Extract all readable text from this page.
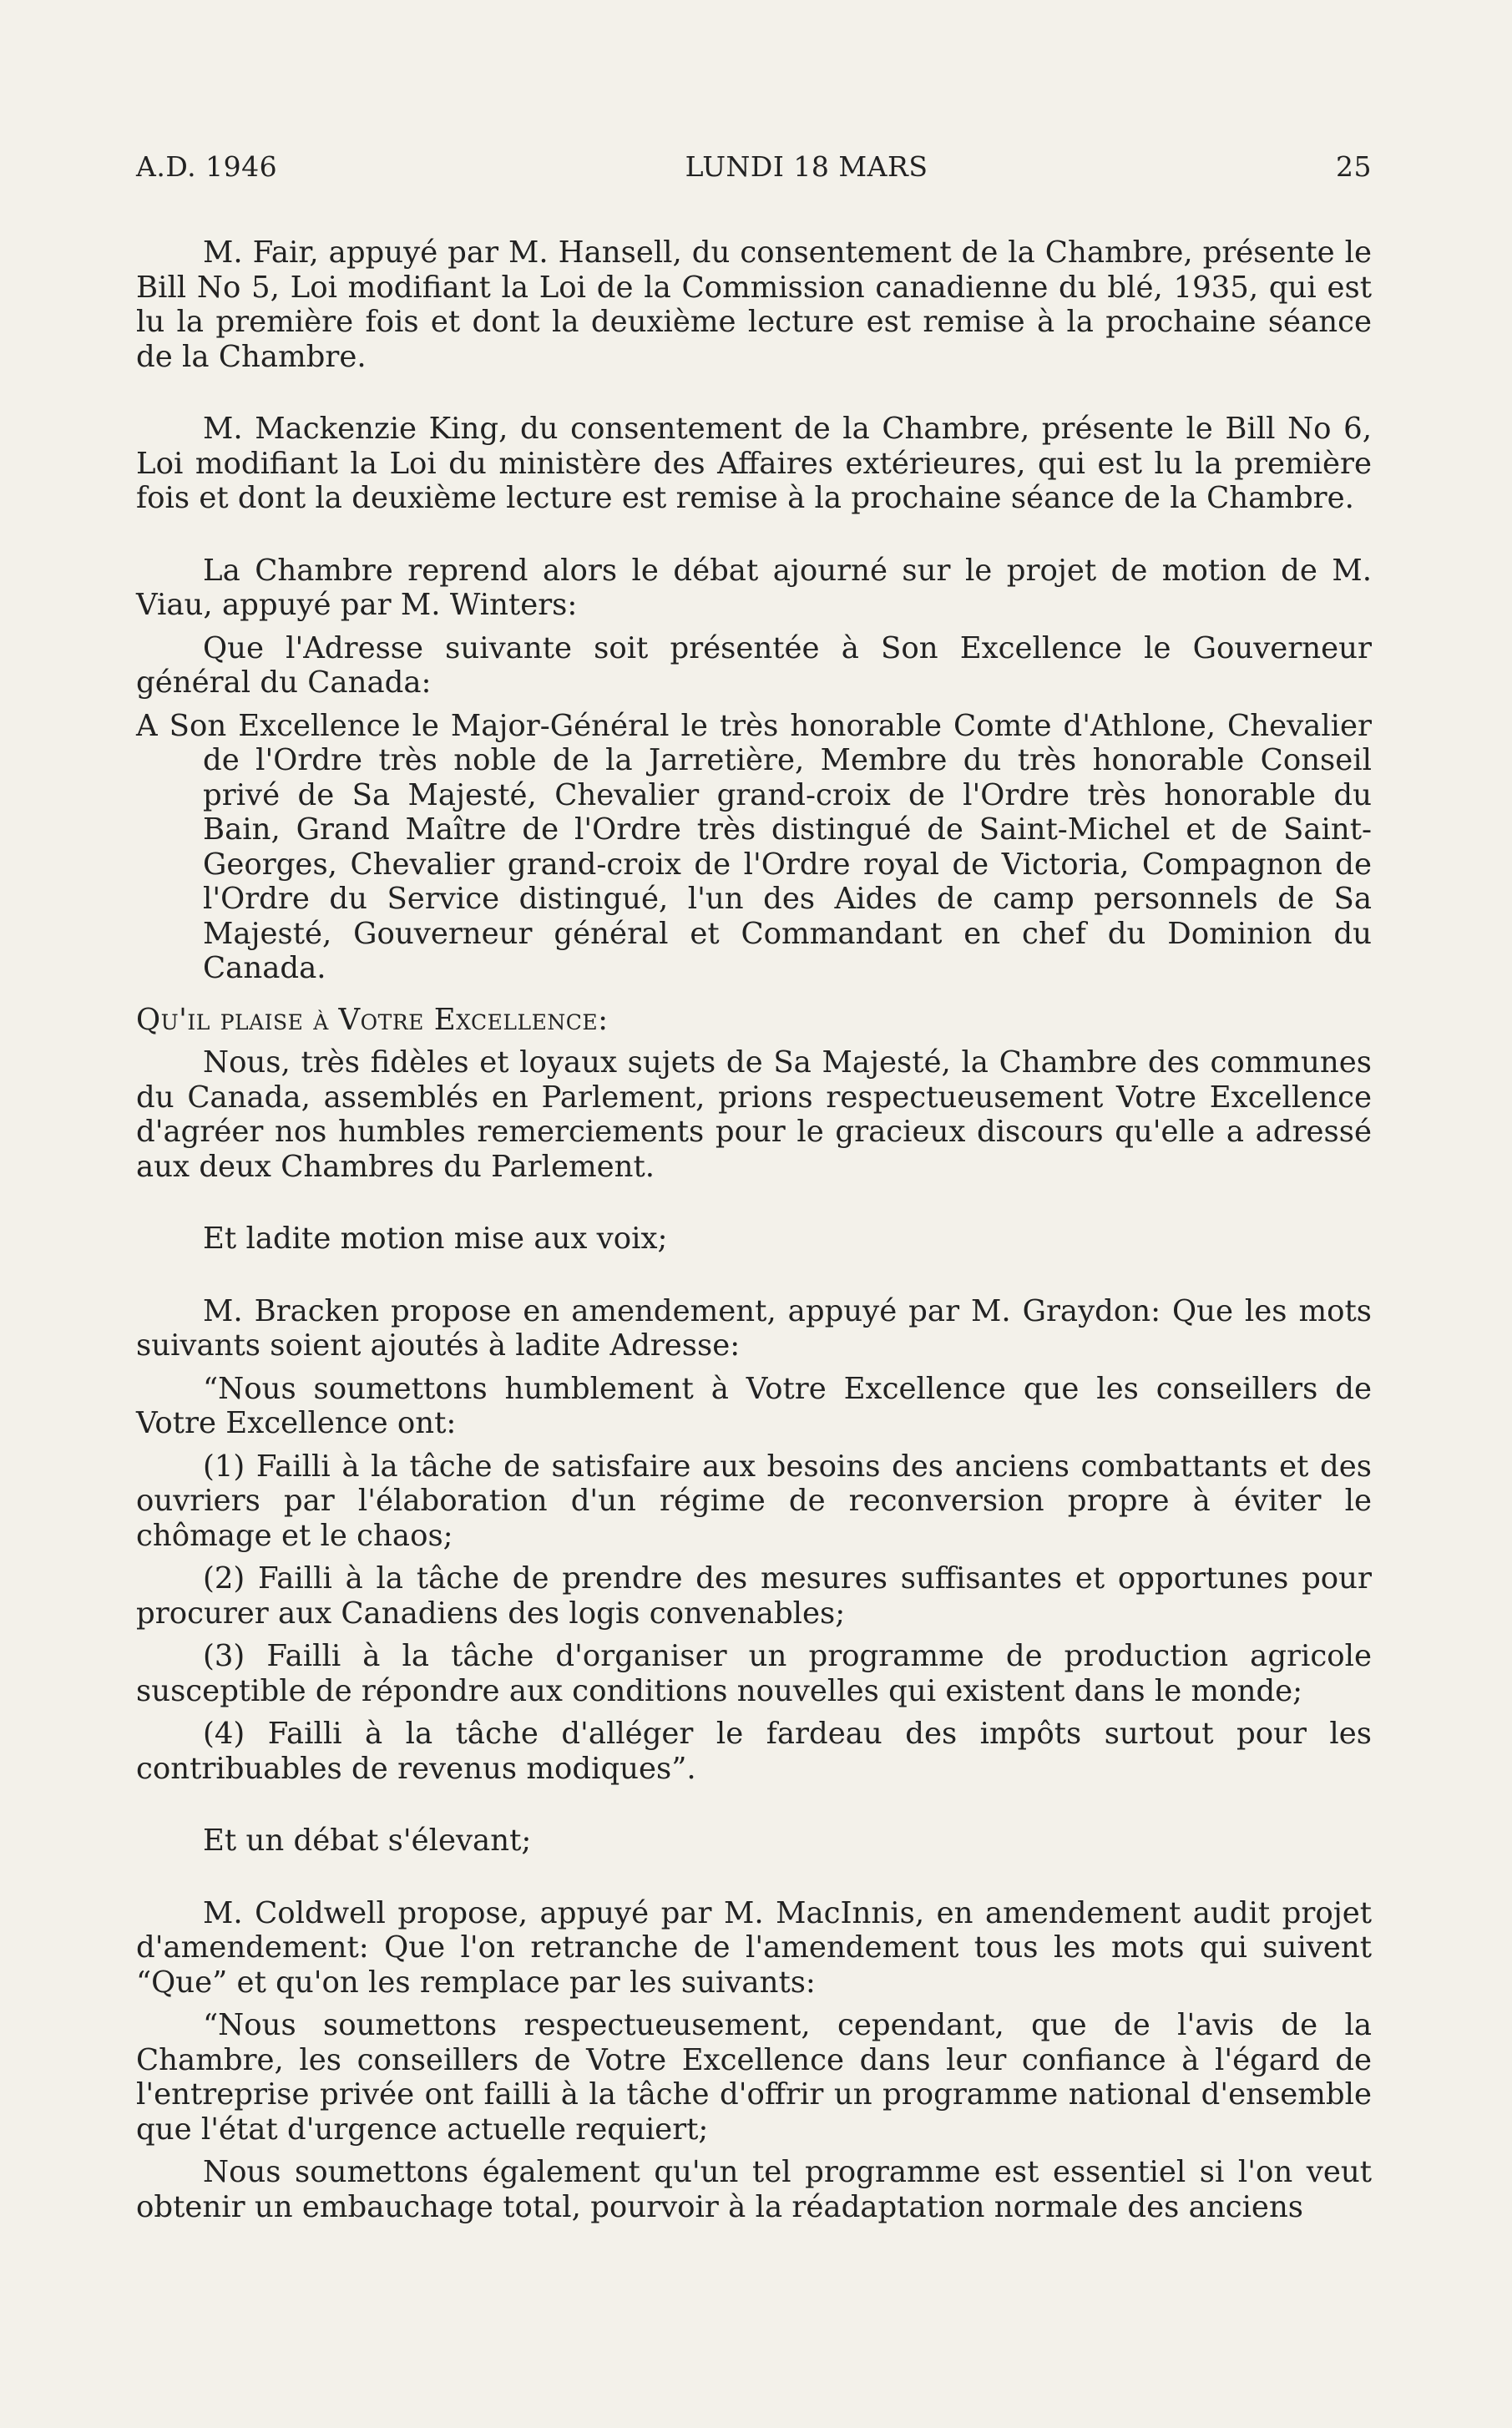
A.D. 1946	LUNDI 18 MARS	25

M. Fair, appuyé par M. Hansell, du consentement de la Chambre, présente le Bill No 5, Loi modifiant la Loi de la Commission canadienne du blé, 1935, qui est lu la première fois et dont la deuxième lecture est remise à la prochaine séance de la Chambre.

M. Mackenzie King, du consentement de la Chambre, présente le Bill No 6, Loi modifiant la Loi du ministère des Affaires extérieures, qui est lu la première fois et dont la deuxième lecture est remise à la prochaine séance de la Chambre.

La Chambre reprend alors le débat ajourné sur le projet de motion de M. Viau, appuyé par M. Winters:

Que l'Adresse suivante soit présentée à Son Excellence le Gouverneur général du Canada:

A Son Excellence le Major-Général le très honorable Comte d'Athlone, Chevalier de l'Ordre très noble de la Jarretière, Membre du très honorable Conseil privé de Sa Majesté, Chevalier grand-croix de l'Ordre très honorable du Bain, Grand Maître de l'Ordre très distingué de Saint-Michel et de Saint-Georges, Chevalier grand-croix de l'Ordre royal de Victoria, Compagnon de l'Ordre du Service distingué, l'un des Aides de camp personnels de Sa Majesté, Gouverneur général et Commandant en chef du Dominion du Canada.

Qu'il plaise à Votre Excellence:

Nous, très fidèles et loyaux sujets de Sa Majesté, la Chambre des communes du Canada, assemblés en Parlement, prions respectueusement Votre Excellence d'agréer nos humbles remerciements pour le gracieux discours qu'elle a adressé aux deux Chambres du Parlement.

Et ladite motion mise aux voix;

M. Bracken propose en amendement, appuyé par M. Graydon: Que les mots suivants soient ajoutés à ladite Adresse:

“Nous soumettons humblement à Votre Excellence que les conseillers de Votre Excellence ont:

(1) Failli à la tâche de satisfaire aux besoins des anciens combattants et des ouvriers par l'élaboration d'un régime de reconversion propre à éviter le chômage et le chaos;

(2) Failli à la tâche de prendre des mesures suffisantes et opportunes pour procurer aux Canadiens des logis convenables;

(3) Failli à la tâche d'organiser un programme de production agricole susceptible de répondre aux conditions nouvelles qui existent dans le monde;

(4) Failli à la tâche d'alléger le fardeau des impôts surtout pour les contribuables de revenus modiques”.

Et un débat s'élevant;

M. Coldwell propose, appuyé par M. MacInnis, en amendement audit projet d'amendement: Que l'on retranche de l'amendement tous les mots qui suivent “Que” et qu'on les remplace par les suivants:

“Nous soumettons respectueusement, cependant, que de l'avis de la Chambre, les conseillers de Votre Excellence dans leur confiance à l'égard de l'entreprise privée ont failli à la tâche d'offrir un programme national d'ensemble que l'état d'urgence actuelle requiert;

Nous soumettons également qu'un tel programme est essentiel si l'on veut obtenir un embauchage total, pourvoir à la réadaptation normale des anciens
